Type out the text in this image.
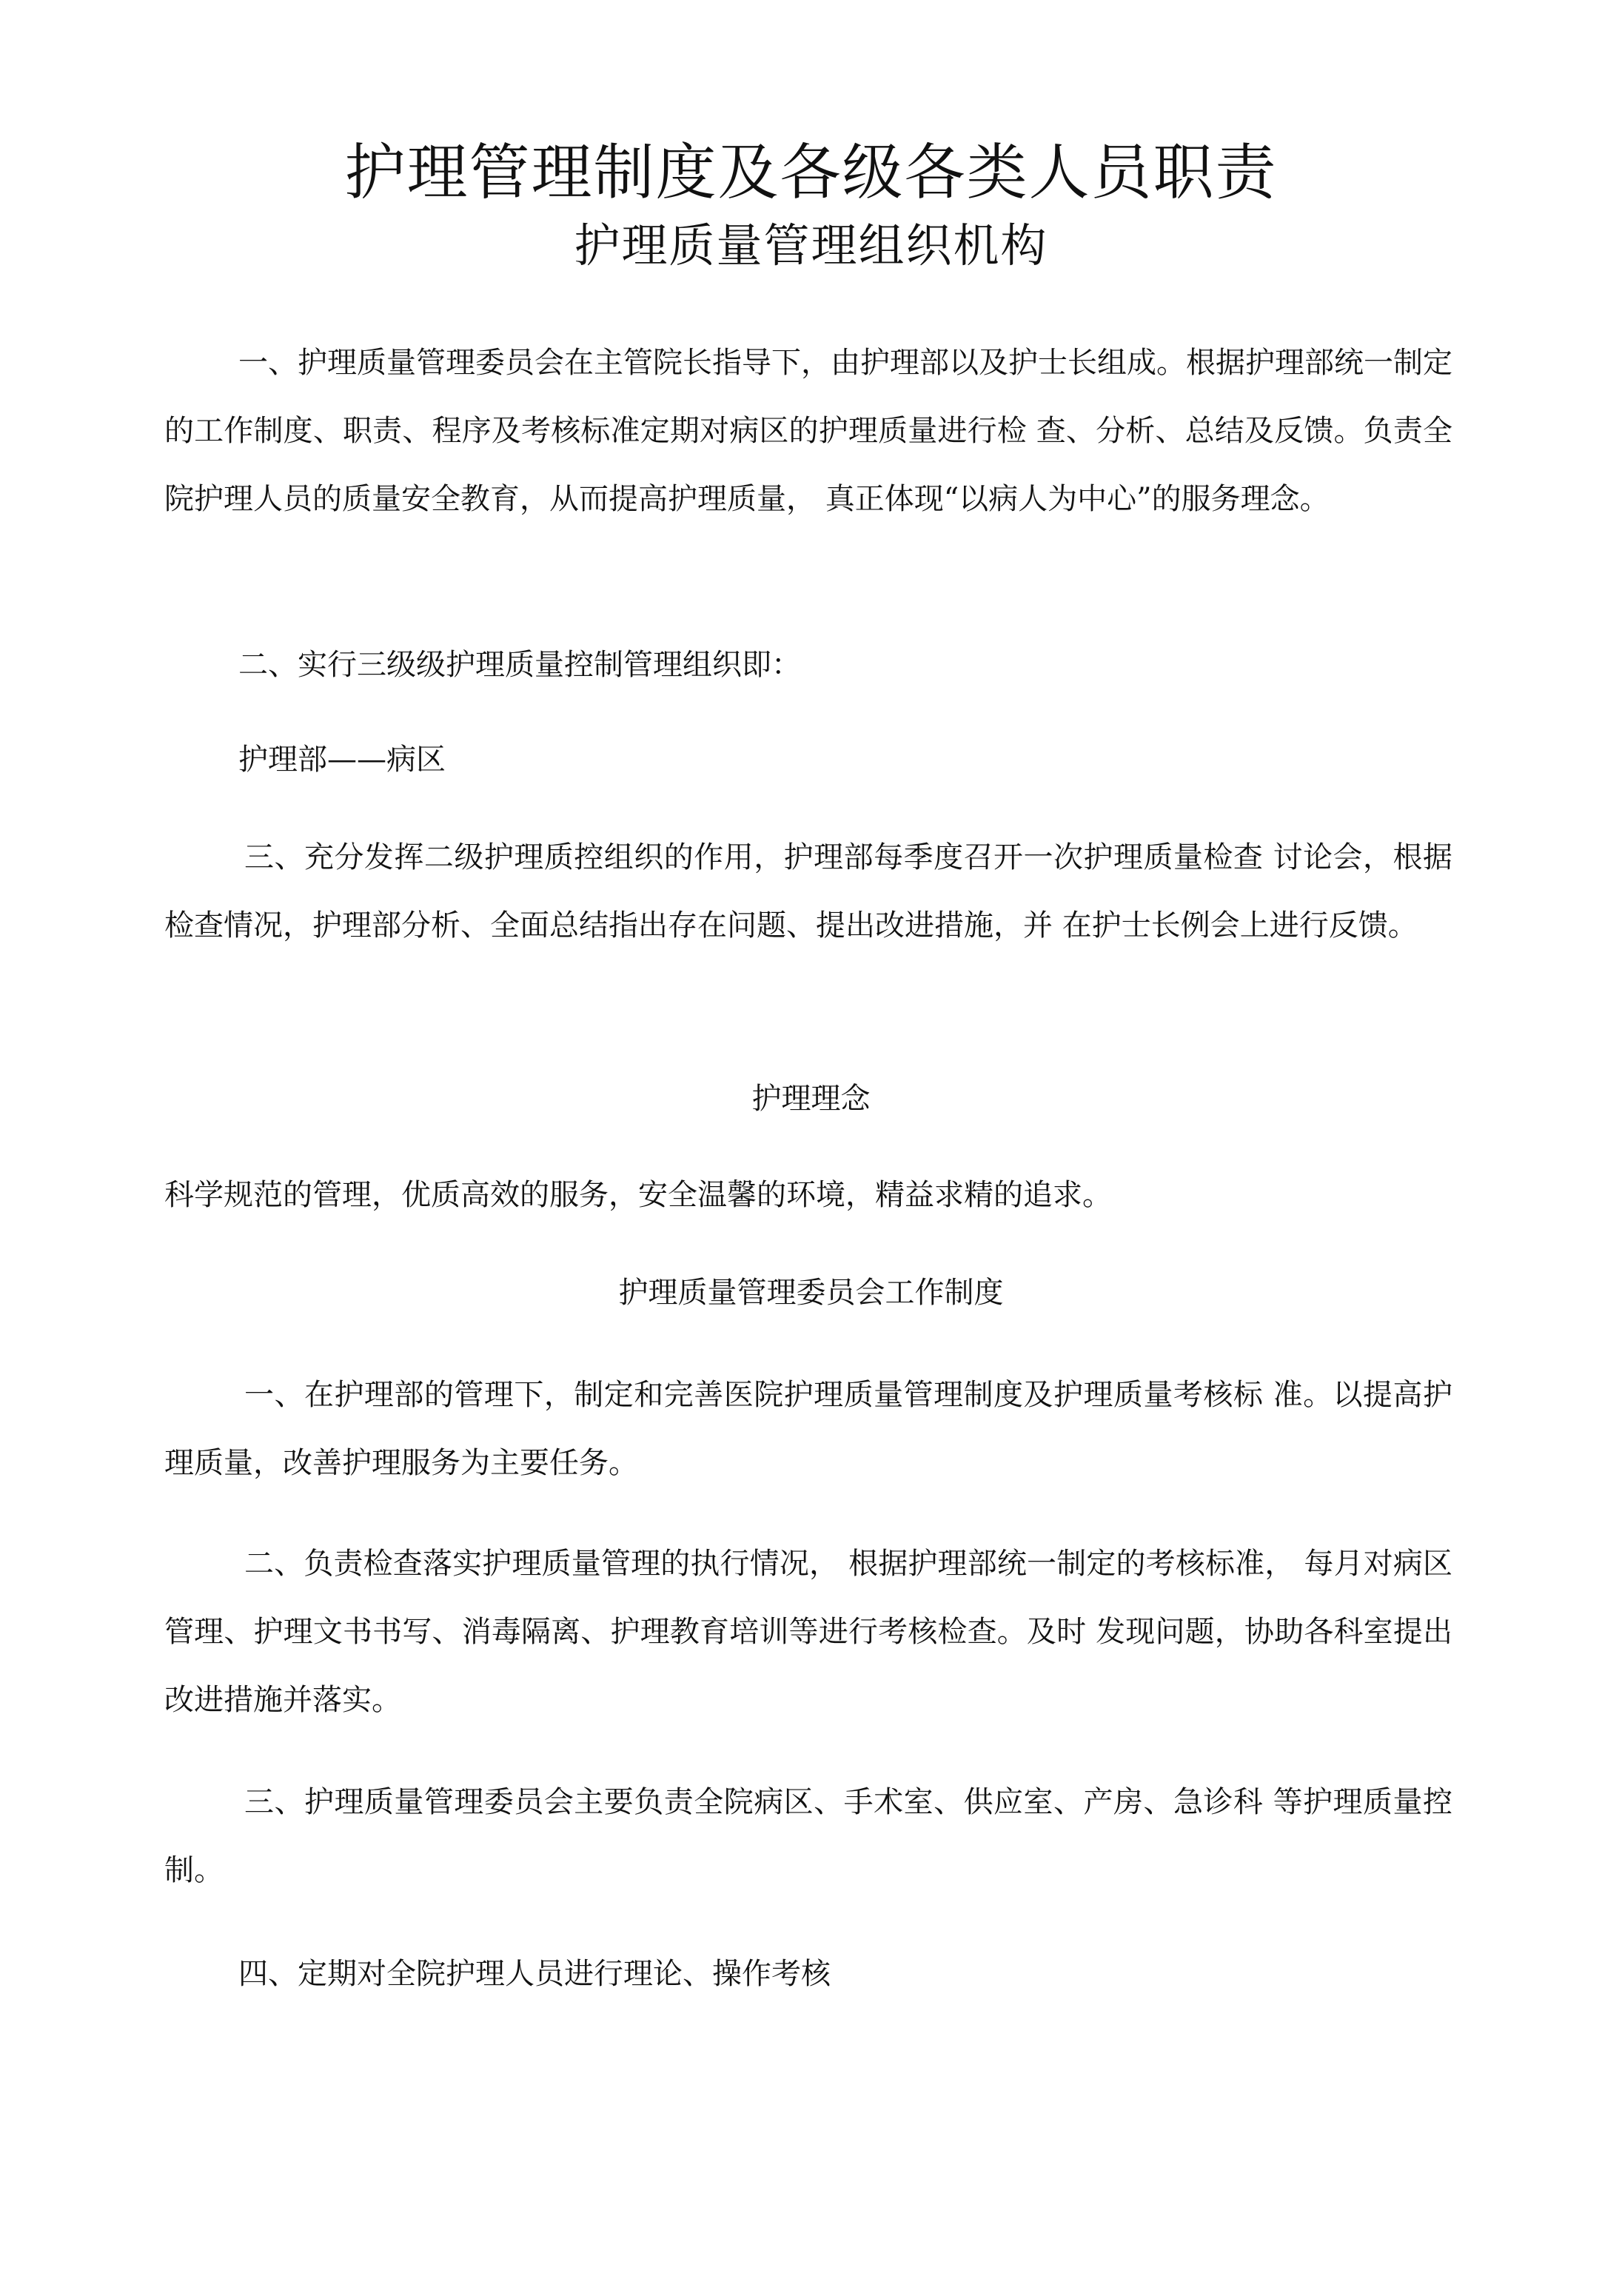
护理管理制度及各级各类人员职责
护理质量管理组织机构

一、护理质量管理委员会在主管院长指导下，由护理部以及护士长组成。根据护理部统一制定的工作制度、职责、程序及考核标准定期对病区的护理质量进行检 查、分析、总结及反馈。负责全院护理人员的质量安全教育，从而提高护理质量， 真正体现“以病人为中心”的服务理念。

二、实行三级级护理质量控制管理组织即：

护理部——病区

三、充分发挥二级护理质控组织的作用，护理部每季度召开一次护理质量检查 讨论会，根据检查情况，护理部分析、全面总结指出存在问题、提出改进措施，并 在护士长例会上进行反馈。

护理理念

科学规范的管理，优质高效的服务，安全温馨的环境，精益求精的追求。

护理质量管理委员会工作制度

一、在护理部的管理下，制定和完善医院护理质量管理制度及护理质量考核标 准。以提高护理质量，改善护理服务为主要任务。

二、负责检查落实护理质量管理的执行情况， 根据护理部统一制定的考核标准， 每月对病区管理、护理文书书写、消毒隔离、护理教育培训等进行考核检查。及时 发现问题，协助各科室提出改进措施并落实。

三、护理质量管理委员会主要负责全院病区、手术室、供应室、产房、急诊科 等护理质量控制。

四、定期对全院护理人员进行理论、操作考核
